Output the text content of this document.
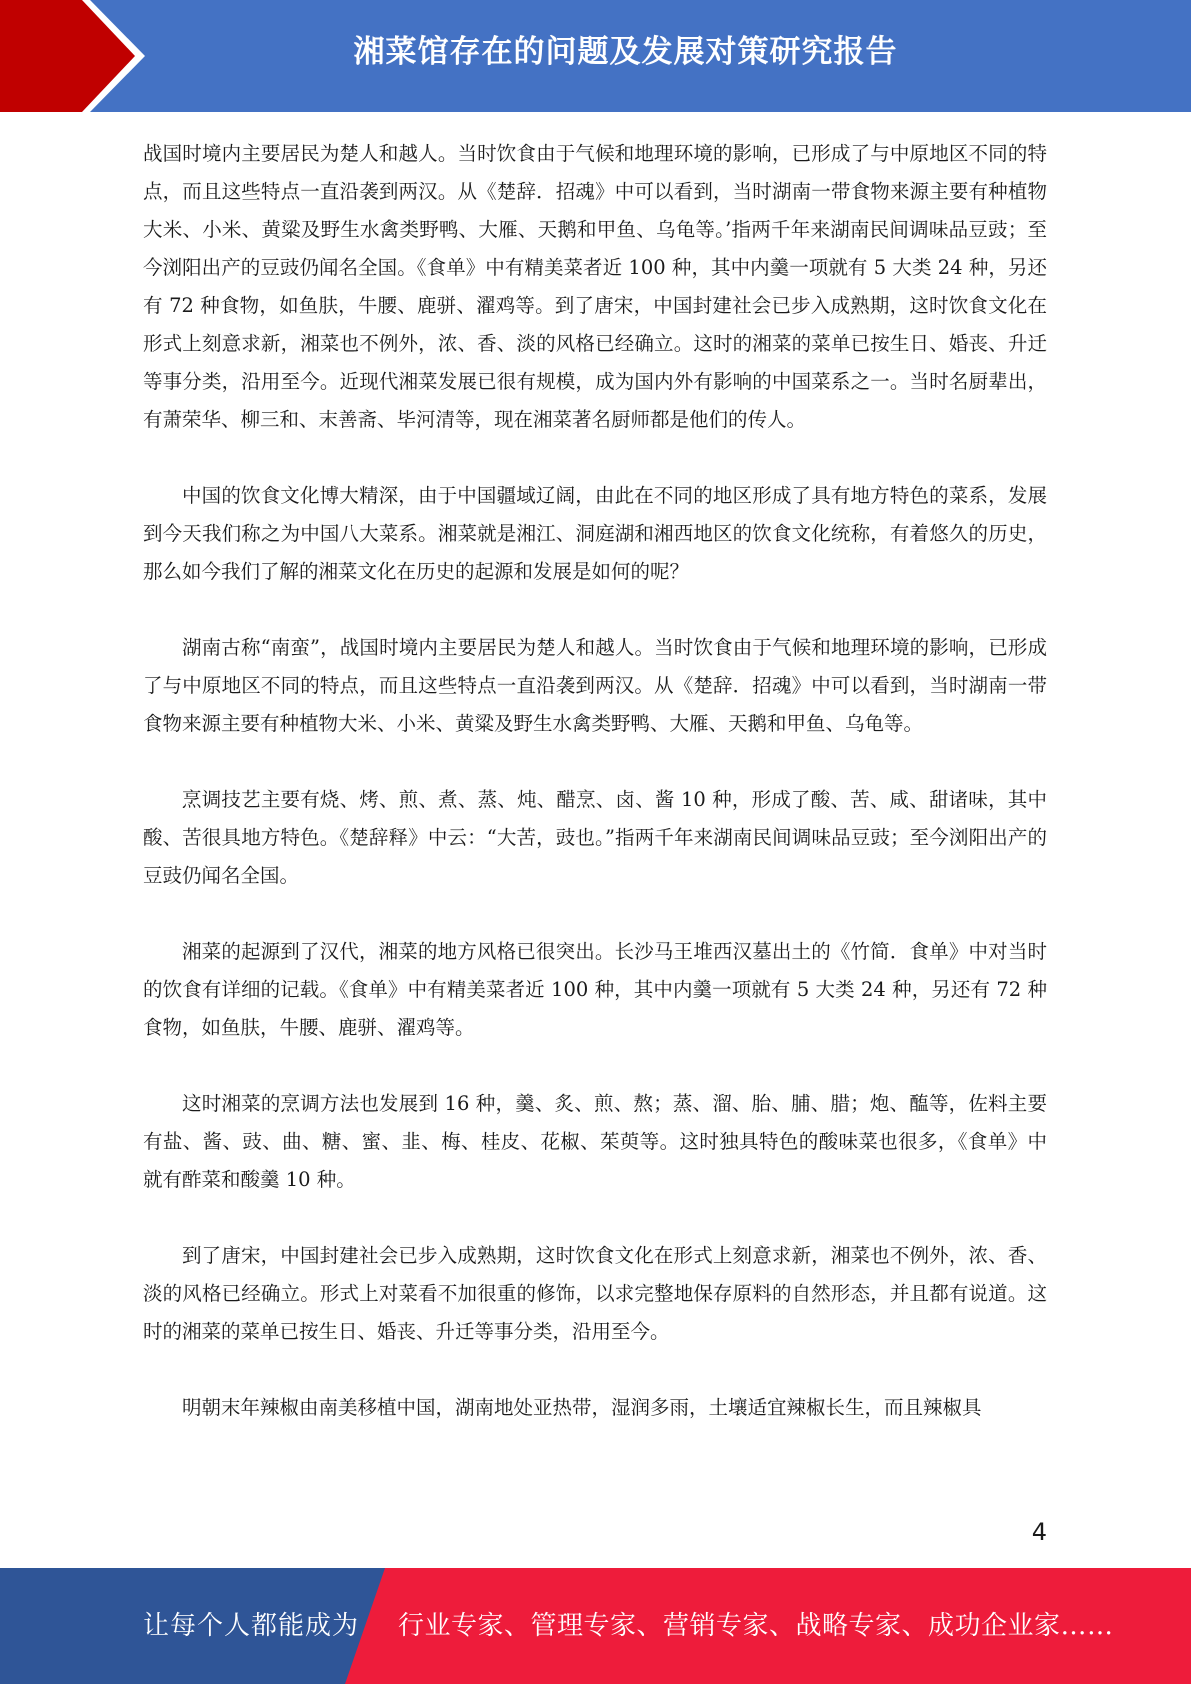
湘菜馆存在的问题及发展对策研究报告

战国时境内主要居民为楚人和越人。当时饮食由于气候和地理环境的影响，已形成了与中原地区不同的特点，而且这些特点一直沿袭到两汉。从《楚辞．招魂》中可以看到，当时湖南一带食物来源主要有种植物大米、小米、黄粱及野生水禽类野鸭、大雁、天鹅和甲鱼、乌龟等。’指两千年来湖南民间调味品豆豉；至今浏阳出产的豆豉仍闻名全国。《食单》中有精美菜者近 100 种，其中内羹一项就有 5 大类 24 种，另还有 72 种食物，如鱼肤，牛腰、鹿骈、濯鸡等。到了唐宋，中国封建社会已步入成熟期，这时饮食文化在形式上刻意求新，湘菜也不例外，浓、香、淡的风格已经确立。这时的湘菜的菜单已按生日、婚丧、升迁等事分类，沿用至今。近现代湘菜发展已很有规模，成为国内外有影响的中国菜系之一。当时名厨辈出，有萧荣华、柳三和、末善斋、毕河清等，现在湘菜著名厨师都是他们的传人。

中国的饮食文化博大精深，由于中国疆域辽阔，由此在不同的地区形成了具有地方特色的菜系，发展到今天我们称之为中国八大菜系。湘菜就是湘江、洞庭湖和湘西地区的饮食文化统称，有着悠久的历史，那么如今我们了解的湘菜文化在历史的起源和发展是如何的呢？

湖南古称“南蛮”，战国时境内主要居民为楚人和越人。当时饮食由于气候和地理环境的影响，已形成了与中原地区不同的特点，而且这些特点一直沿袭到两汉。从《楚辞．招魂》中可以看到，当时湖南一带食物来源主要有种植物大米、小米、黄粱及野生水禽类野鸭、大雁、天鹅和甲鱼、乌龟等。

烹调技艺主要有烧、烤、煎、煮、蒸、炖、醋烹、卤、酱 10 种，形成了酸、苦、咸、甜诸味，其中酸、苦很具地方特色。《楚辞释》中云：“大苦，豉也。”指两千年来湖南民间调味品豆豉；至今浏阳出产的豆豉仍闻名全国。

湘菜的起源到了汉代，湘菜的地方风格已很突出。长沙马王堆西汉墓出土的《竹简．食单》中对当时的饮食有详细的记载。《食单》中有精美菜者近 100 种，其中内羹一项就有 5 大类 24 种，另还有 72 种食物，如鱼肤，牛腰、鹿骈、濯鸡等。

这时湘菜的烹调方法也发展到 16 种，羹、炙、煎、熬；蒸、溜、胎、脯、腊；炮、醢等，佐料主要有盐、酱、豉、曲、糖、蜜、韭、梅、桂皮、花椒、茱萸等。这时独具特色的酸味菜也很多，《食单》中就有酢菜和酸羹 10 种。

到了唐宋，中国封建社会已步入成熟期，这时饮食文化在形式上刻意求新，湘菜也不例外，浓、香、淡的风格已经确立。形式上对菜看不加很重的修饰，以求完整地保存原料的自然形态，并且都有说道。这时的湘菜的菜单已按生日、婚丧、升迁等事分类，沿用至今。

明朝末年辣椒由南美移植中国，湖南地处亚热带，湿润多雨，土壤适宜辣椒长生，而且辣椒具

4
让每个人都能成为 行业专家、管理专家、营销专家、战略专家、成功企业家……
